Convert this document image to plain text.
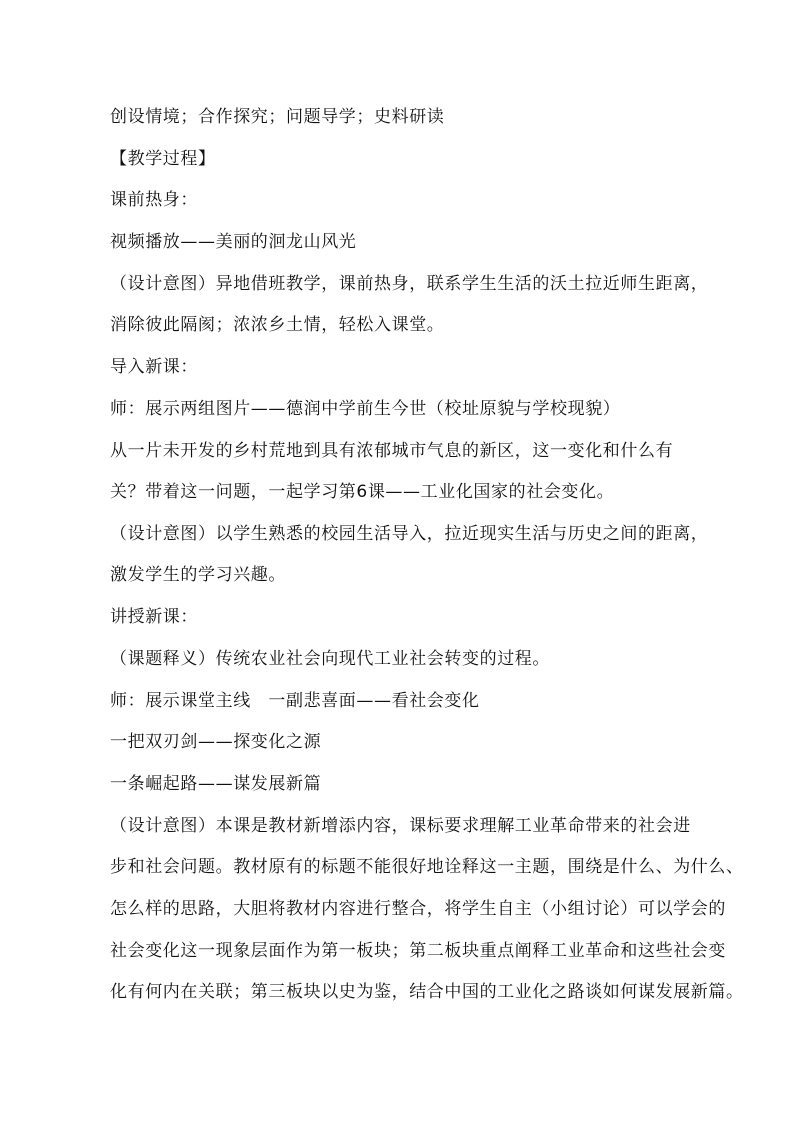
创设情境；合作探究；问题导学；史料研读
【教学过程】
课前热身：
视频播放——美丽的洄龙山风光
（设计意图）异地借班教学，课前热身，联系学生生活的沃土拉近师生距离，
消除彼此隔阂；浓浓乡土情，轻松入课堂。
导入新课：
师：展示两组图片——德润中学前生今世（校址原貌与学校现貌）
从一片未开发的乡村荒地到具有浓郁城市气息的新区，这一变化和什么有
关？带着这一问题，一起学习第6课——工业化国家的社会变化。
（设计意图）以学生熟悉的校园生活导入，拉近现实生活与历史之间的距离，
激发学生的学习兴趣。
讲授新课：
（课题释义）传统农业社会向现代工业社会转变的过程。
师：展示课堂主线　一副悲喜面——看社会变化
一把双刃剑——探变化之源
一条崛起路——谋发展新篇
（设计意图）本课是教材新增添内容，课标要求理解工业革命带来的社会进
步和社会问题。教材原有的标题不能很好地诠释这一主题，围绕是什么、为什么、
怎么样的思路，大胆将教材内容进行整合，将学生自主（小组讨论）可以学会的
社会变化这一现象层面作为第一板块；第二板块重点阐释工业革命和这些社会变
化有何内在关联；第三板块以史为鉴，结合中国的工业化之路谈如何谋发展新篇。
